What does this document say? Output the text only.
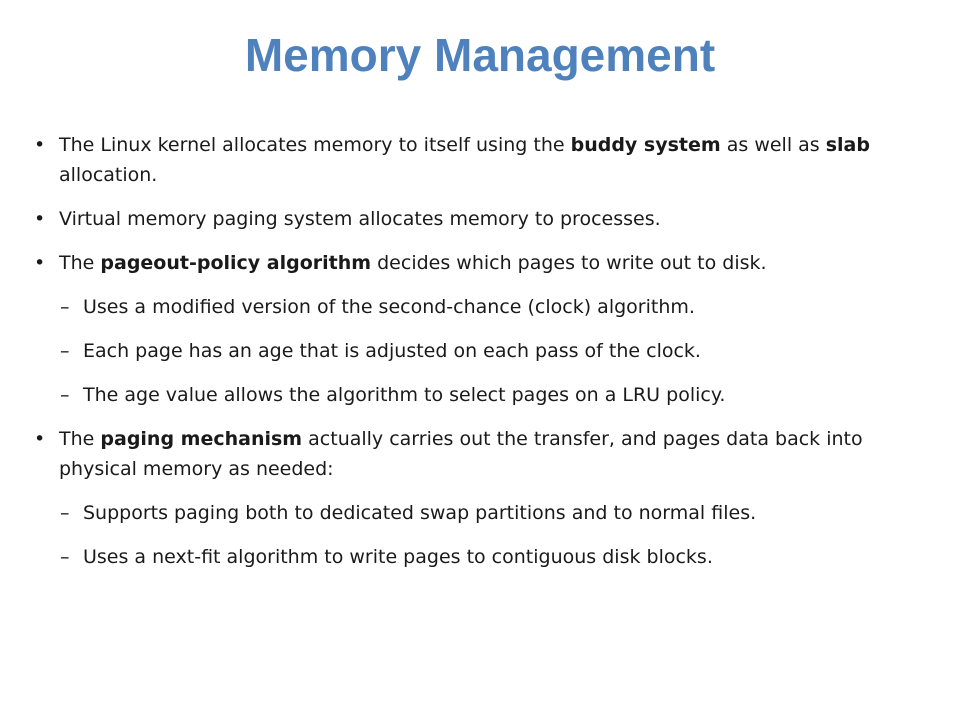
Memory Management
• The Linux kernel allocates memory to itself using the buddy system as well as slab allocation.
• Virtual memory paging system allocates memory to processes.
• The pageout-policy algorithm decides which pages to write out to disk.
– Uses a modified version of the second-chance (clock) algorithm.
– Each page has an age that is adjusted on each pass of the clock.
– The age value allows the algorithm to select pages on a LRU policy.
• The paging mechanism actually carries out the transfer, and pages data back into physical memory as needed:
– Supports paging both to dedicated swap partitions and to normal files.
– Uses a next-fit algorithm to write pages to contiguous disk blocks.
